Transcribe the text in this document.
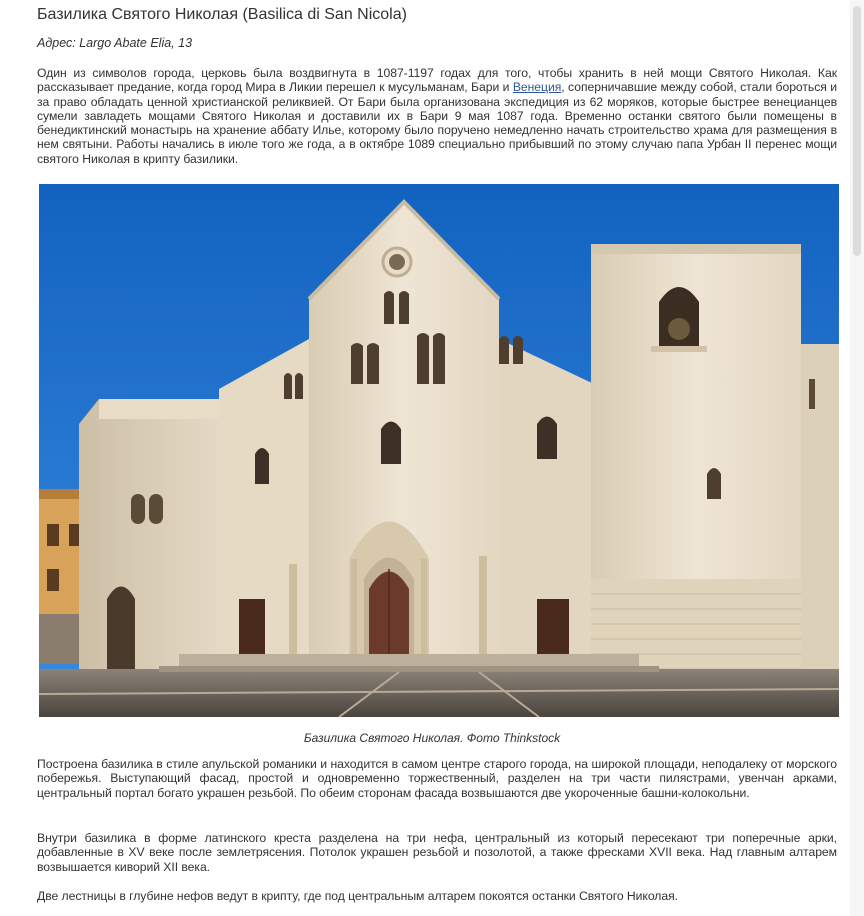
Базилика Святого Николая (Basilica di San Nicola)
Адрес: Largo Abate Elia, 13

Один из символов города, церковь была воздвигнута в 1087-1197 годах для того, чтобы хранить в ней мощи Святого Николая. Как рассказывает предание, когда город Мира в Ликии перешел к мусульманам, Бари и Венеция, соперничавшие между собой, стали бороться и за право обладать ценной христианской реликвией. От Бари была организована экспедиция из 62 моряков, которые быстрее венецианцев сумели завладеть мощами Святого Николая и доставили их в Бари 9 мая 1087 года. Временно останки святого были помещены в бенедиктинский монастырь на хранение аббату Илье, которому было поручено немедленно начать строительство храма для размещения в нем святыни. Работы начались в июле того же года, а в октябре 1089 специально прибывший по этому случаю папа Урбан II перенес мощи святого Николая в крипту базилики.

Базилика Святого Николая. Фото Thinkstock

Построена базилика в стиле апульской романики и находится в самом центре старого города, на широкой площади, неподалеку от морского побережья. Выступающий фасад, простой и одновременно торжественный, разделен на три части пилястрами, увенчан арками, центральный портал богато украшен резьбой. По обеим сторонам фасада возвышаются две укороченные башни-колокольни.

Внутри базилика в форме латинского креста разделена на три нефа, центральный из который пересекают три поперечные арки, добавленные в XV веке после землетрясения. Потолок украшен резьбой и позолотой, а также фресками XVII века. Над главным алтарем возвышается киворий XII века.

Две лестницы в глубине нефов ведут в крипту, где под центральным алтарем покоятся останки Святого Николая.
